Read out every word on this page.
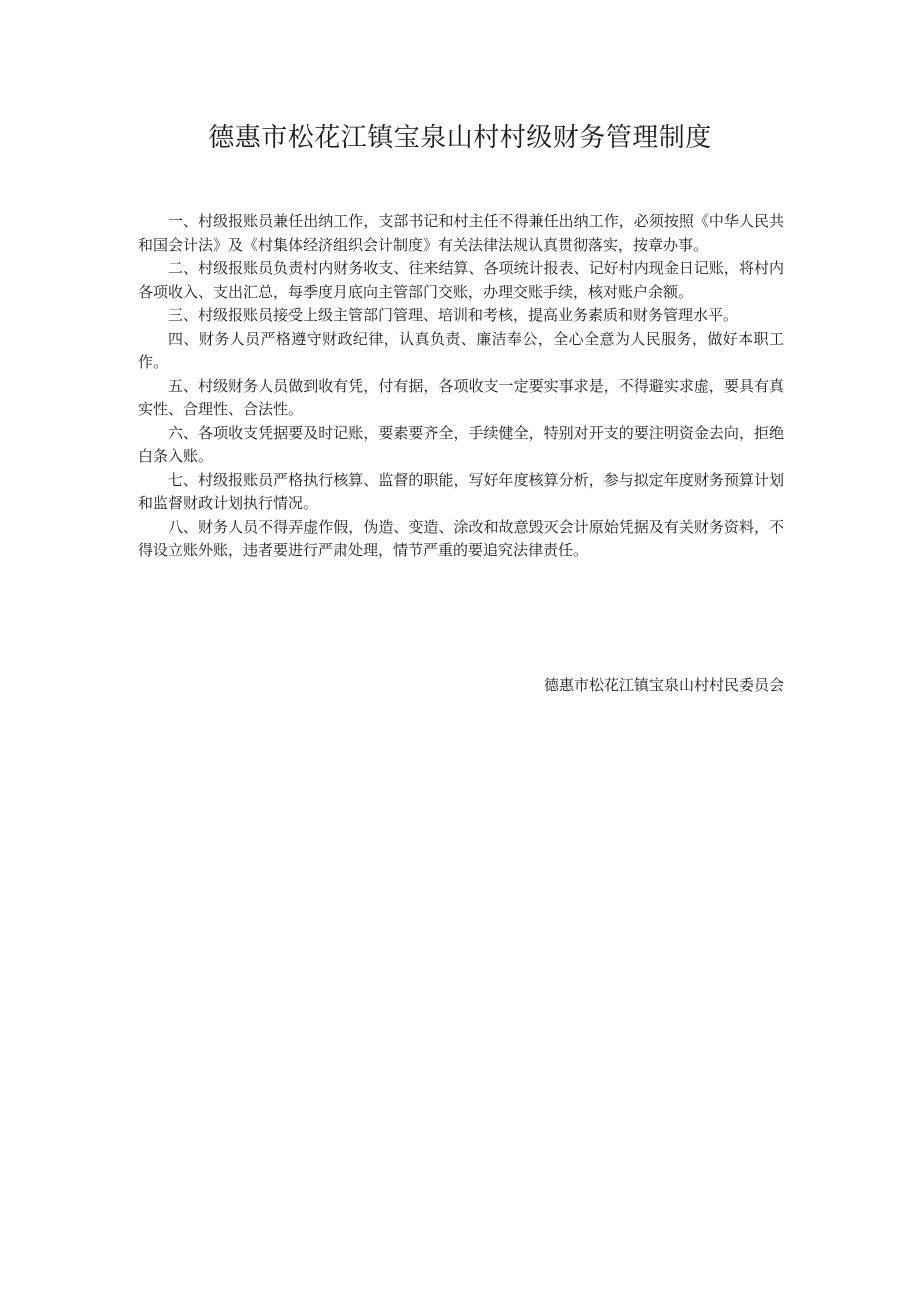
德惠市松花江镇宝泉山村村级财务管理制度

一、村级报账员兼任出纳工作，支部书记和村主任不得兼任出纳工作，必须按照《中华人民共和国会计法》及《村集体经济组织会计制度》有关法律法规认真贯彻落实，按章办事。

二、村级报账员负责村内财务收支、往来结算、各项统计报表、记好村内现金日记账，将村内各项收入、支出汇总，每季度月底向主管部门交账，办理交账手续，核对账户余额。

三、村级报账员接受上级主管部门管理、培训和考核，提高业务素质和财务管理水平。

四、财务人员严格遵守财政纪律，认真负责、廉洁奉公，全心全意为人民服务，做好本职工作。

五、村级财务人员做到收有凭，付有据，各项收支一定要实事求是，不得避实求虚，要具有真实性、合理性、合法性。

六、各项收支凭据要及时记账，要素要齐全，手续健全，特别对开支的要注明资金去向，拒绝白条入账。

七、村级报账员严格执行核算、监督的职能，写好年度核算分析，参与拟定年度财务预算计划和监督财政计划执行情况。

八、财务人员不得弄虚作假，伪造、变造、涂改和故意毁灭会计原始凭据及有关财务资料，不得设立账外账，违者要进行严肃处理，情节严重的要追究法律责任。

德惠市松花江镇宝泉山村村民委员会
